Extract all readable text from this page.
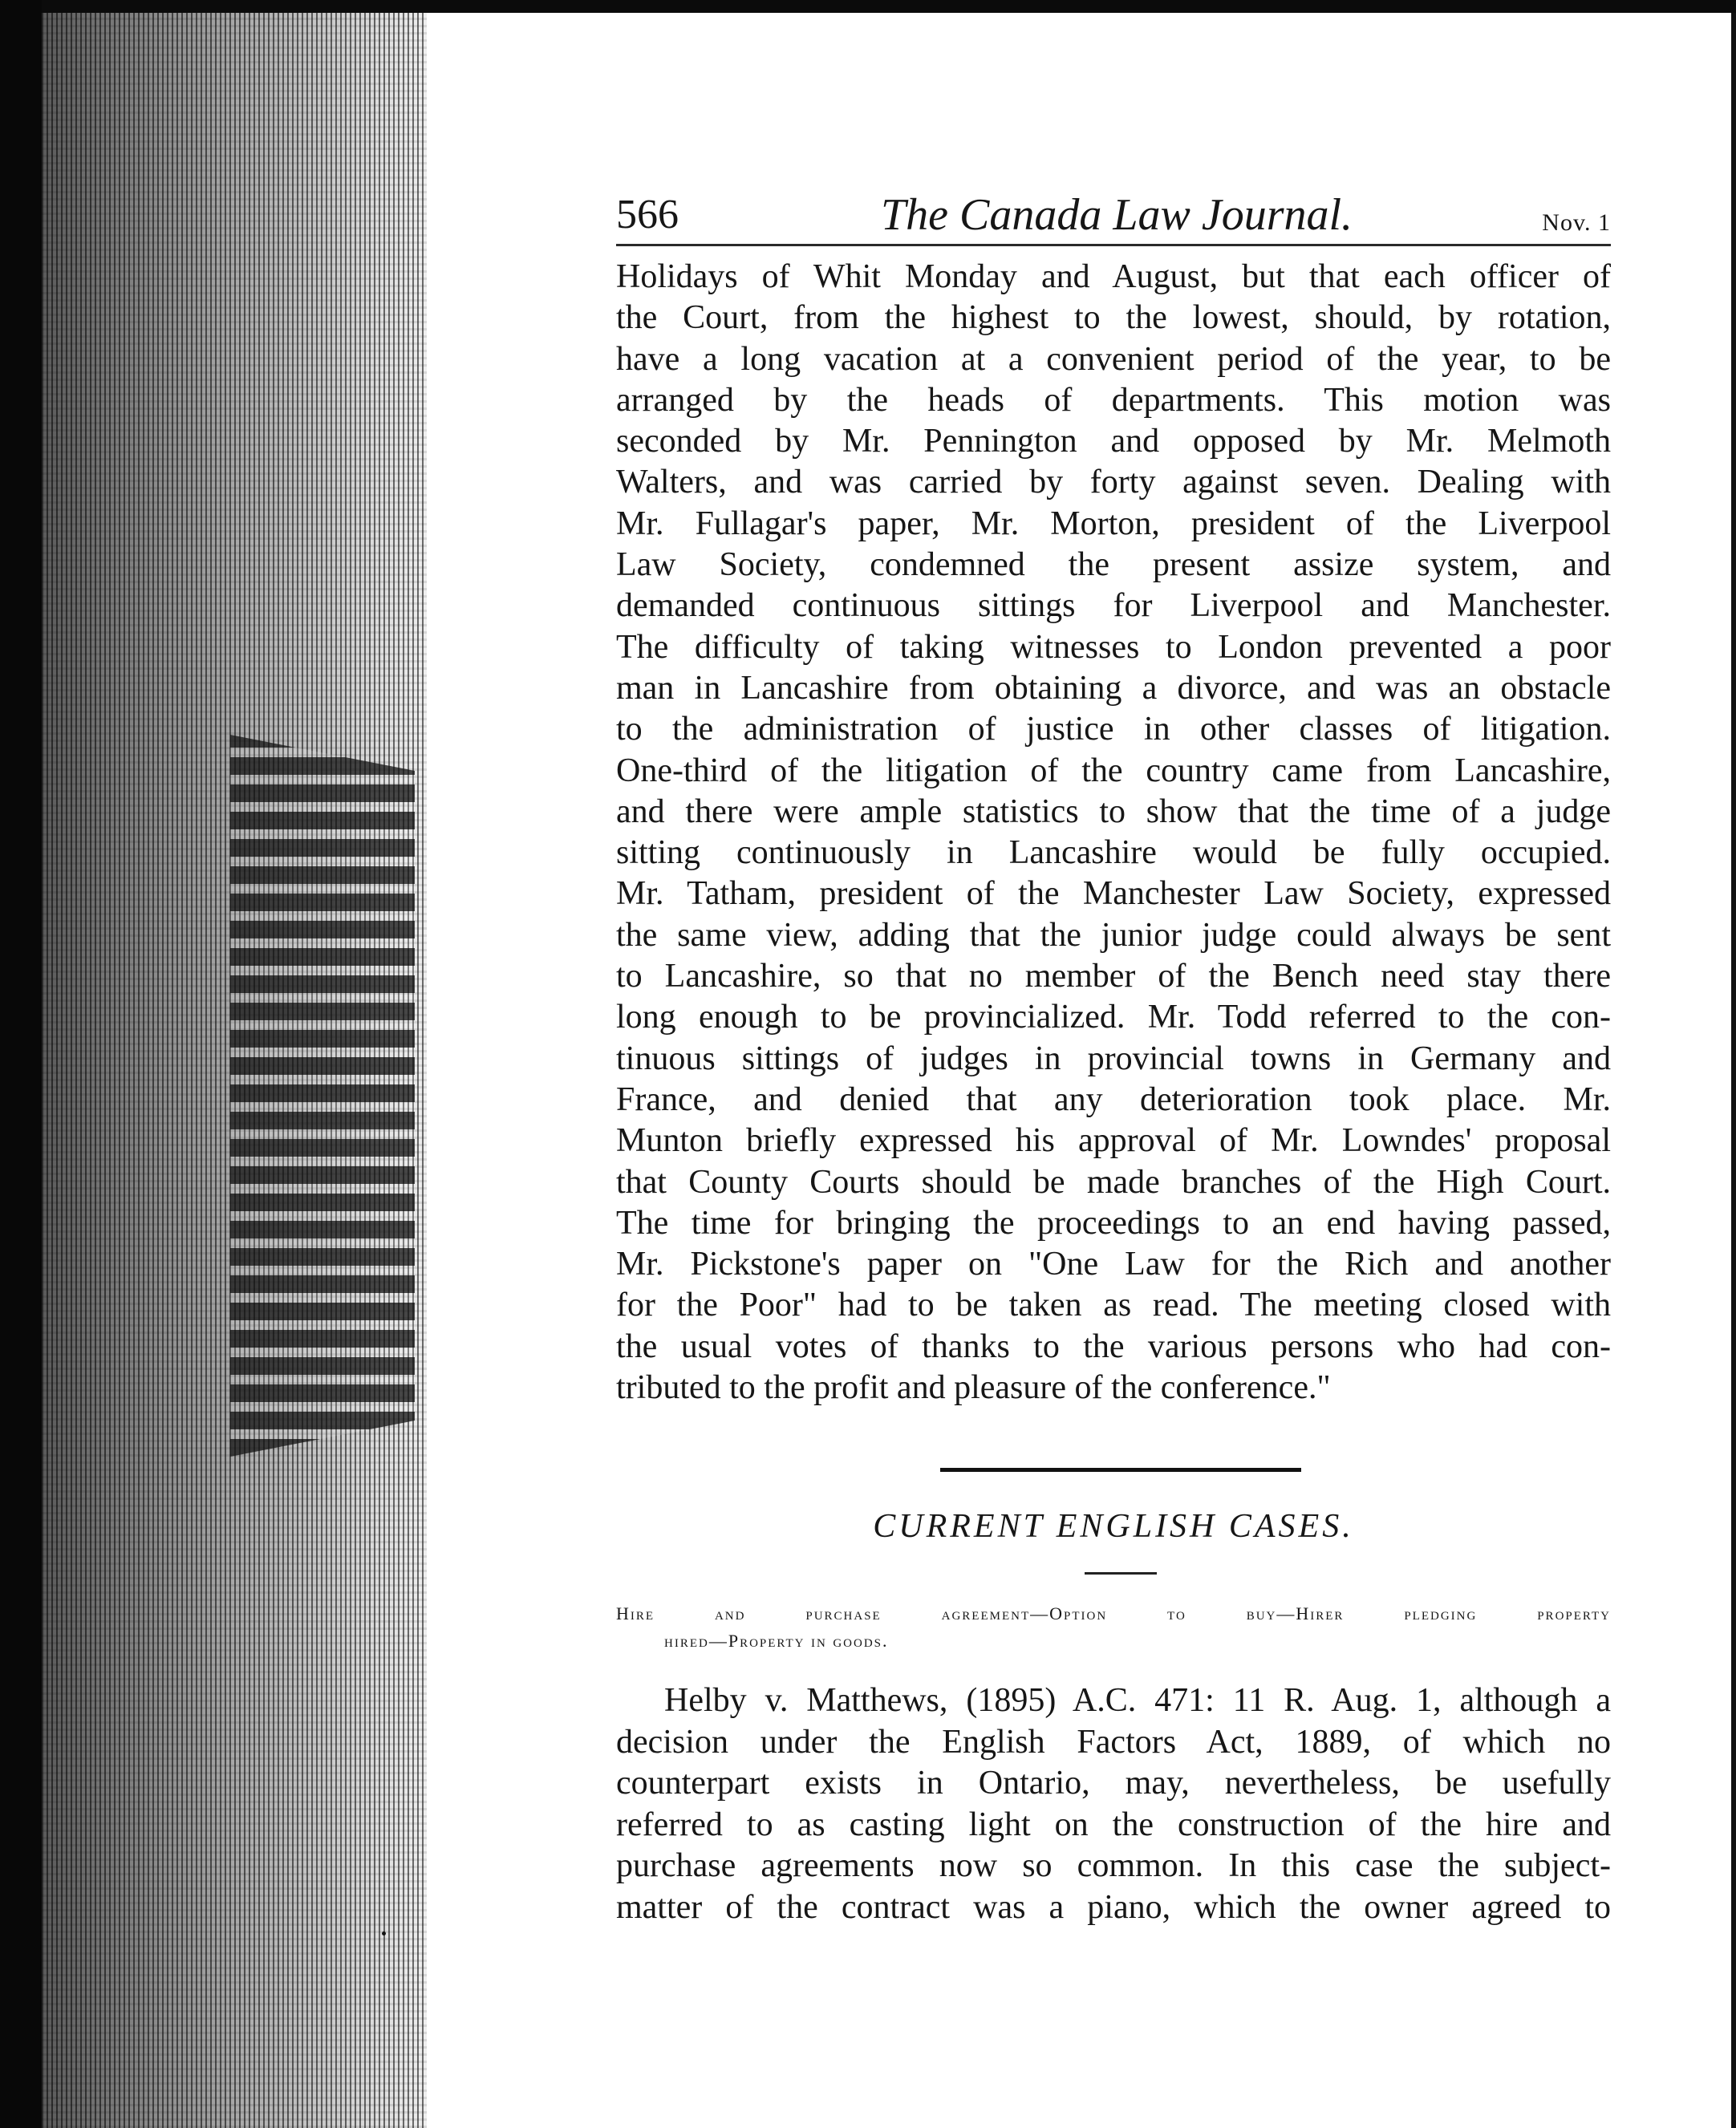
566	The Canada Law Journal.	Nov. 1
Holidays of Whit Monday and August, but that each officer of
the Court, from the highest to the lowest, should, by rotation,
have a long vacation at a convenient period of the year, to be
arranged by the heads of departments. This motion was
seconded by Mr. Pennington and opposed by Mr. Melmoth
Walters, and was carried by forty against seven. Dealing with
Mr. Fullagar's paper, Mr. Morton, president of the Liverpool
Law Society, condemned the present assize system, and
demanded continuous sittings for Liverpool and Manchester.
The difficulty of taking witnesses to London prevented a poor
man in Lancashire from obtaining a divorce, and was an obstacle
to the administration of justice in other classes of litigation.
One-third of the litigation of the country came from Lancashire,
and there were ample statistics to show that the time of a judge
sitting continuously in Lancashire would be fully occupied.
Mr. Tatham, president of the Manchester Law Society, expressed
the same view, adding that the junior judge could always be sent
to Lancashire, so that no member of the Bench need stay there
long enough to be provincialized. Mr. Todd referred to the con-
tinuous sittings of judges in provincial towns in Germany and
France, and denied that any deterioration took place. Mr.
Munton briefly expressed his approval of Mr. Lowndes' proposal
that County Courts should be made branches of the High Court.
The time for bringing the proceedings to an end having passed,
Mr. Pickstone's paper on "One Law for the Rich and another
for the Poor" had to be taken as read. The meeting closed with
the usual votes of thanks to the various persons who had con-
tributed to the profit and pleasure of the conference."
CURRENT ENGLISH CASES.
Hire and purchase agreement—Option to buy—Hirer pledging property
hired—Property in goods.
Helby v. Matthews, (1895) A.C. 471: 11 R. Aug. 1, although a
decision under the English Factors Act, 1889, of which no
counterpart exists in Ontario, may, nevertheless, be usefully
referred to as casting light on the construction of the hire and
purchase agreements now so common. In this case the subject-
matter of the contract was a piano, which the owner agreed to
